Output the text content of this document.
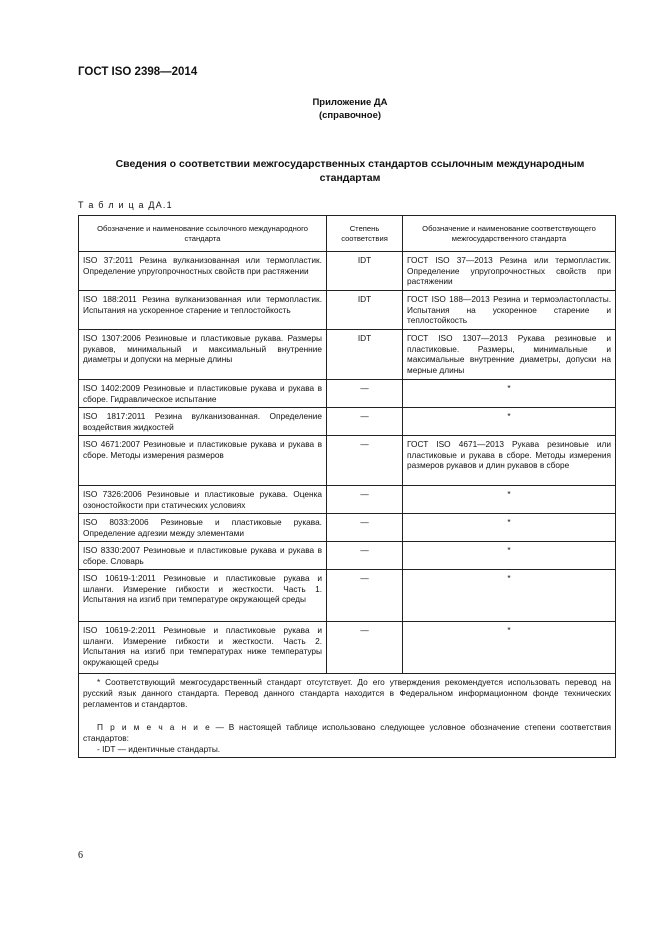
ГОСТ ISO 2398—2014
Приложение ДА
(справочное)
Сведения о соответствии межгосударственных стандартов ссылочным международным стандартам
Т а б л и ц а ДА.1
Обозначение и наименование ссылочного международного стандарта	Степень соответствия	Обозначение и наименование соответствующего межгосударственного стандарта
ISO 37:2011 Резина вулканизованная или термопластик. Определение упругопрочностных свойств при растяжении	IDT	ГОСТ ISO 37—2013 Резина или термопластик. Определение упругопрочностных свойств при растяжении
ISO 188:2011 Резина вулканизованная или термопластик. Испытания на ускоренное старение и теплостойкость	IDT	ГОСТ ISO 188—2013 Резина и термоэластопласты. Испытания на ускоренное старение и теплостойкость
ISO 1307:2006 Резиновые и пластиковые рукава. Размеры рукавов, минимальный и максимальный внутренние диаметры и допуски на мерные длины	IDT	ГОСТ ISO 1307—2013 Рукава резиновые и пластиковые. Размеры, минимальные и максимальные внутренние диаметры, допуски на мерные длины
ISO 1402:2009 Резиновые и пластиковые рукава и рукава в сборе. Гидравлическое испытание	—	*
ISO 1817:2011 Резина вулканизованная. Определение воздействия жидкостей	—	*
ISO 4671:2007 Резиновые и пластиковые рукава и рукава в сборе. Методы измерения размеров	—	ГОСТ ISO 4671—2013 Рукава резиновые или пластиковые и рукава в сборе. Методы измерения размеров рукавов и длин рукавов в сборе
ISO 7326:2006 Резиновые и пластиковые рукава. Оценка озоностойкости при статических условиях	—	*
ISO 8033:2006 Резиновые и пластиковые рукава. Определение адгезии между элементами	—	*
ISO 8330:2007 Резиновые и пластиковые рукава и рукава в сборе. Словарь	—	*
ISO 10619-1:2011 Резиновые и пластиковые рукава и шланги. Измерение гибкости и жесткости. Часть 1. Испытания на изгиб при температуре окружающей среды	—	*
ISO 10619-2:2011 Резиновые и пластиковые рукава и шланги. Измерение гибкости и жесткости. Часть 2. Испытания на изгиб при температурах ниже температуры окружающей среды	—	*

* Соответствующий межгосударственный стандарт отсутствует. До его утверждения рекомендуется использовать перевод на русский язык данного стандарта. Перевод данного стандарта находится в Федеральном информационном фонде технических регламентов и стандартов.

П р и м е ч а н и е — В настоящей таблице использовано следующее условное обозначение степени соответствия стандартов:
- IDT — идентичные стандарты.		
6
